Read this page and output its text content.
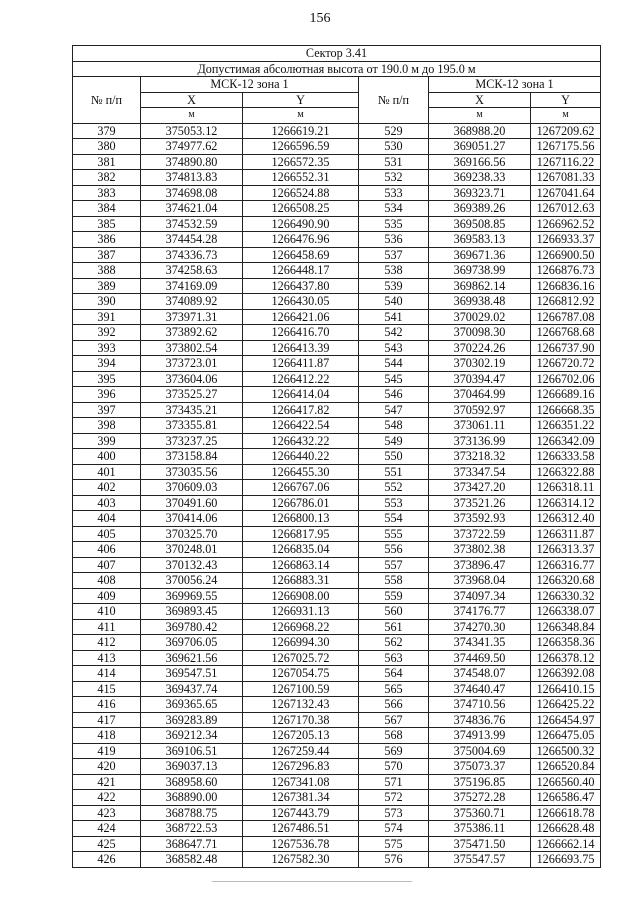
156
Сектор 3.41					
Допустимая абсолютная высота от 190.0 м до 195.0 м					
№ п/п	МСК-12 зона 1		№ п/п	МСК-12 зона 1	
	X	Y		X	Y
	м	м		м	м
379	375053.12	1266619.21	529	368988.20	1267209.62
380	374977.62	1266596.59	530	369051.27	1267175.56
381	374890.80	1266572.35	531	369166.56	1267116.22
382	374813.83	1266552.31	532	369238.33	1267081.33
383	374698.08	1266524.88	533	369323.71	1267041.64
384	374621.04	1266508.25	534	369389.26	1267012.63
385	374532.59	1266490.90	535	369508.85	1266962.52
386	374454.28	1266476.96	536	369583.13	1266933.37
387	374336.73	1266458.69	537	369671.36	1266900.50
388	374258.63	1266448.17	538	369738.99	1266876.73
389	374169.09	1266437.80	539	369862.14	1266836.16
390	374089.92	1266430.05	540	369938.48	1266812.92
391	373971.31	1266421.06	541	370029.02	1266787.08
392	373892.62	1266416.70	542	370098.30	1266768.68
393	373802.54	1266413.39	543	370224.26	1266737.90
394	373723.01	1266411.87	544	370302.19	1266720.72
395	373604.06	1266412.22	545	370394.47	1266702.06
396	373525.27	1266414.04	546	370464.99	1266689.16
397	373435.21	1266417.82	547	370592.97	1266668.35
398	373355.81	1266422.54	548	373061.11	1266351.22
399	373237.25	1266432.22	549	373136.99	1266342.09
400	373158.84	1266440.22	550	373218.32	1266333.58
401	373035.56	1266455.30	551	373347.54	1266322.88
402	370609.03	1266767.06	552	373427.20	1266318.11
403	370491.60	1266786.01	553	373521.26	1266314.12
404	370414.06	1266800.13	554	373592.93	1266312.40
405	370325.70	1266817.95	555	373722.59	1266311.87
406	370248.01	1266835.04	556	373802.38	1266313.37
407	370132.43	1266863.14	557	373896.47	1266316.77
408	370056.24	1266883.31	558	373968.04	1266320.68
409	369969.55	1266908.00	559	374097.34	1266330.32
410	369893.45	1266931.13	560	374176.77	1266338.07
411	369780.42	1266968.22	561	374270.30	1266348.84
412	369706.05	1266994.30	562	374341.35	1266358.36
413	369621.56	1267025.72	563	374469.50	1266378.12
414	369547.51	1267054.75	564	374548.07	1266392.08
415	369437.74	1267100.59	565	374640.47	1266410.15
416	369365.65	1267132.43	566	374710.56	1266425.22
417	369283.89	1267170.38	567	374836.76	1266454.97
418	369212.34	1267205.13	568	374913.99	1266475.05
419	369106.51	1267259.44	569	375004.69	1266500.32
420	369037.13	1267296.83	570	375073.37	1266520.84
421	368958.60	1267341.08	571	375196.85	1266560.40
422	368890.00	1267381.34	572	375272.28	1266586.47
423	368788.75	1267443.79	573	375360.71	1266618.78
424	368722.53	1267486.51	574	375386.11	1266628.48
425	368647.71	1267536.78	575	375471.50	1266662.14
426	368582.48	1267582.30	576	375547.57	1266693.75
